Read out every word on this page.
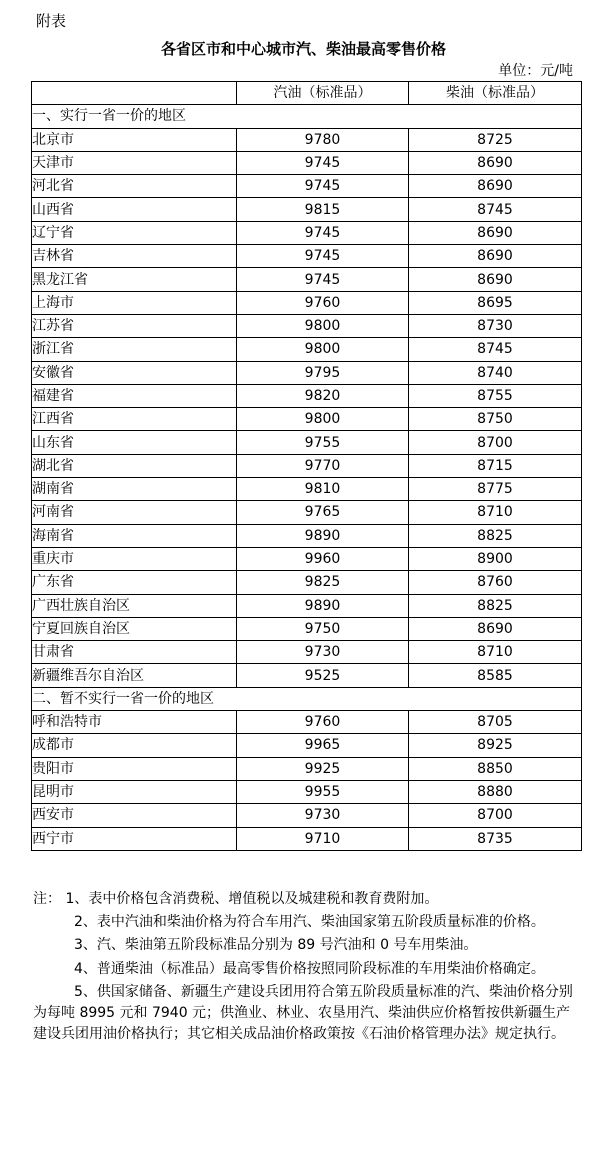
附表
各省区市和中心城市汽、柴油最高零售价格
单位：元/吨
	汽油（标准品）	柴油（标准品）
一、实行一省一价的地区		
北京市	9780	8725
天津市	9745	8690
河北省	9745	8690
山西省	9815	8745
辽宁省	9745	8690
吉林省	9745	8690
黑龙江省	9745	8690
上海市	9760	8695
江苏省	9800	8730
浙江省	9800	8745
安徽省	9795	8740
福建省	9820	8755
江西省	9800	8750
山东省	9755	8700
湖北省	9770	8715
湖南省	9810	8775
河南省	9765	8710
海南省	9890	8825
重庆市	9960	8900
广东省	9825	8760
广西壮族自治区	9890	8825
宁夏回族自治区	9750	8690
甘肃省	9730	8710
新疆维吾尔自治区	9525	8585
二、暂不实行一省一价的地区		
呼和浩特市	9760	8705
成都市	9965	8925
贵阳市	9925	8850
昆明市	9955	8880
西安市	9730	8700
西宁市	9710	8735

注： 1、表中价格包含消费税、增值税以及城建税和教育费附加。

2、表中汽油和柴油价格为符合车用汽、柴油国家第五阶段质量标准的价格。

3、汽、柴油第五阶段标准品分别为 89 号汽油和 0 号车用柴油。

4、普通柴油（标准品）最高零售价格按照同阶段标准的车用柴油价格确定。

5、供国家储备、新疆生产建设兵团用符合第五阶段质量标准的汽、柴油价格分别为每吨 8995 元和 7940 元；供渔业、林业、农垦用汽、柴油供应价格暂按供新疆生产建设兵团用油价格执行；其它相关成品油价格政策按《石油价格管理办法》规定执行。
